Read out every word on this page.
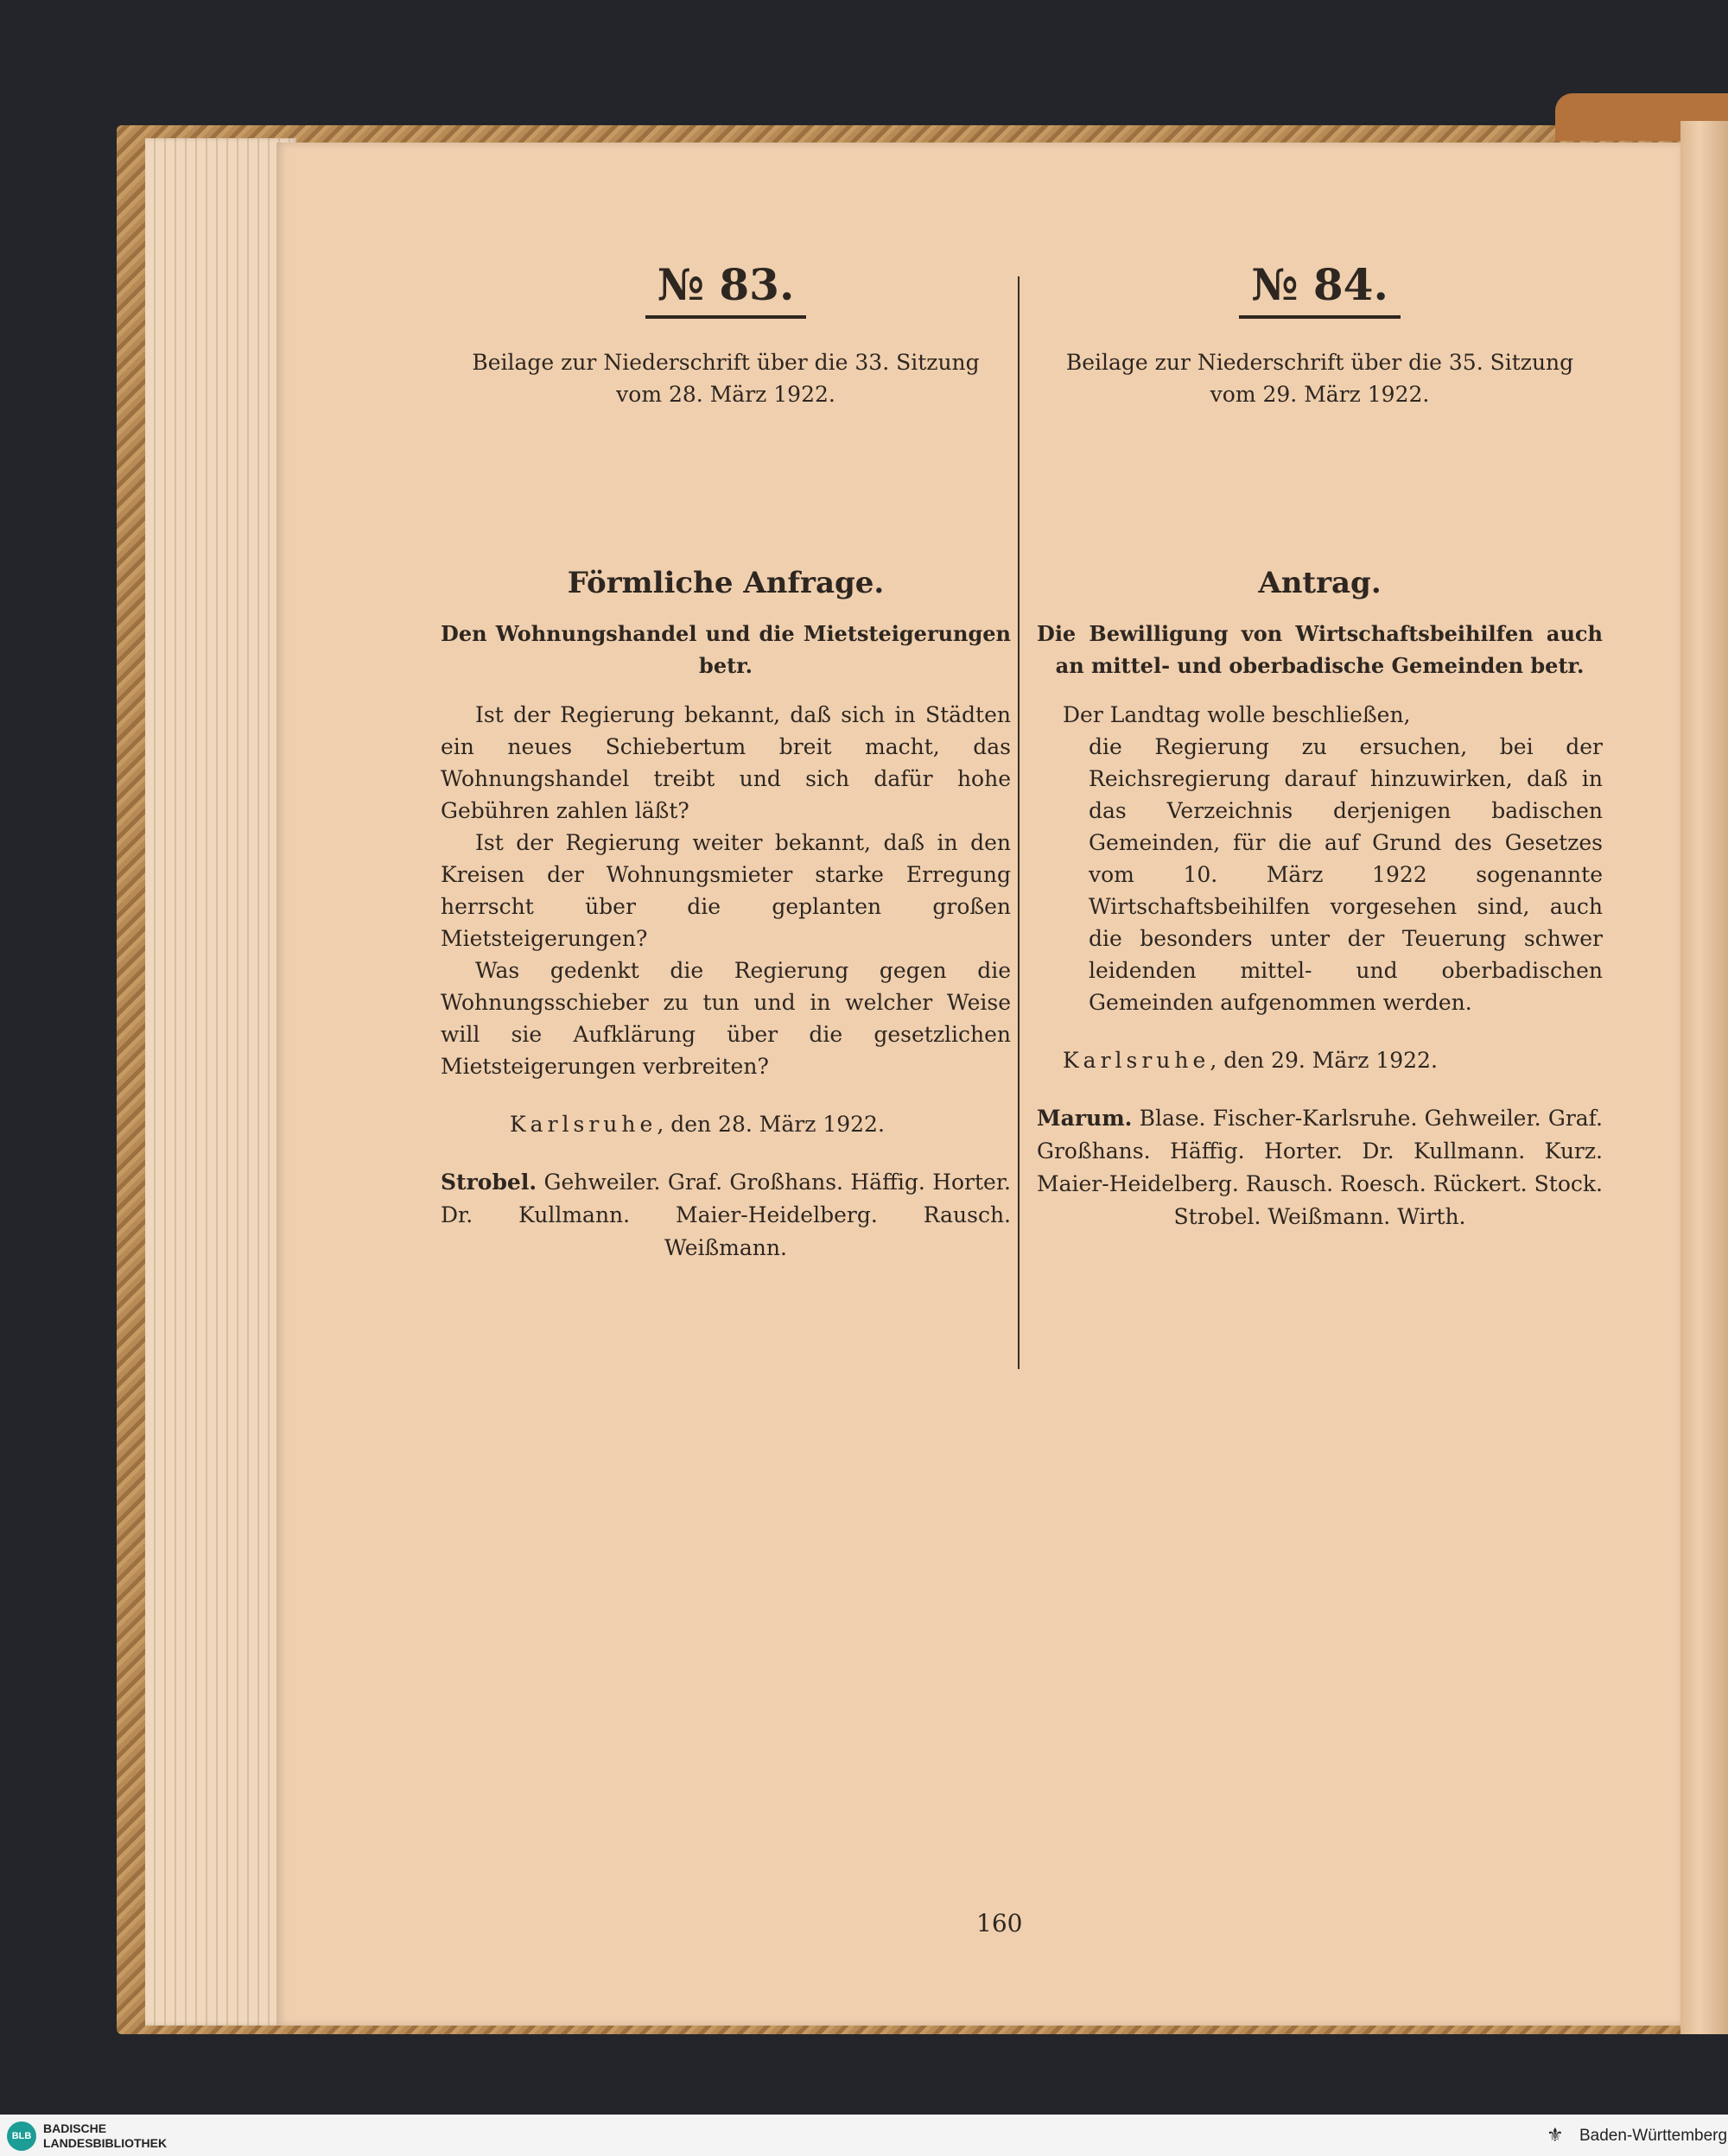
№ 83.

Beilage zur Niederschrift über die 33. Sitzung
vom 28. März 1922.

Förmliche Anfrage.

Den Wohnungshandel und die Mietsteigerungen betr.

Ist der Regierung bekannt, daß sich in Städten ein neues Schiebertum breit macht, das Wohnungshandel treibt und sich dafür hohe Gebühren zahlen läßt?

Ist der Regierung weiter bekannt, daß in den Kreisen der Wohnungsmieter starke Erregung herrscht über die geplanten großen Mietsteigerungen?

Was gedenkt die Regierung gegen die Wohnungsschieber zu tun und in welcher Weise will sie Aufklärung über die gesetzlichen Mietsteigerungen verbreiten?

Karlsruhe, den 28. März 1922.

Strobel. Gehweiler. Graf. Großhans. Häffig. Horter. Dr. Kullmann. Maier-Heidelberg. Rausch. Weißmann.

№ 84.

Beilage zur Niederschrift über die 35. Sitzung
vom 29. März 1922.

Antrag.

Die Bewilligung von Wirtschaftsbeihilfen auch an mittel- und oberbadische Gemeinden betr.

Der Landtag wolle beschließen,

die Regierung zu ersuchen, bei der Reichsregierung darauf hinzuwirken, daß in das Verzeichnis derjenigen badischen Gemeinden, für die auf Grund des Gesetzes vom 10. März 1922 sogenannte Wirtschaftsbeihilfen vorgesehen sind, auch die besonders unter der Teuerung schwer leidenden mittel- und oberbadischen Gemeinden aufgenommen werden.

Karlsruhe, den 29. März 1922.

Marum. Blase. Fischer-Karlsruhe. Gehweiler. Graf. Großhans. Häffig. Horter. Dr. Kullmann. Kurz. Maier-Heidelberg. Rausch. Roesch. Rückert. Stock. Strobel. Weißmann. Wirth.

160
BLB
BADISCHE
LANDESBIBLIOTHEK	⚜ Baden-Württemberg
